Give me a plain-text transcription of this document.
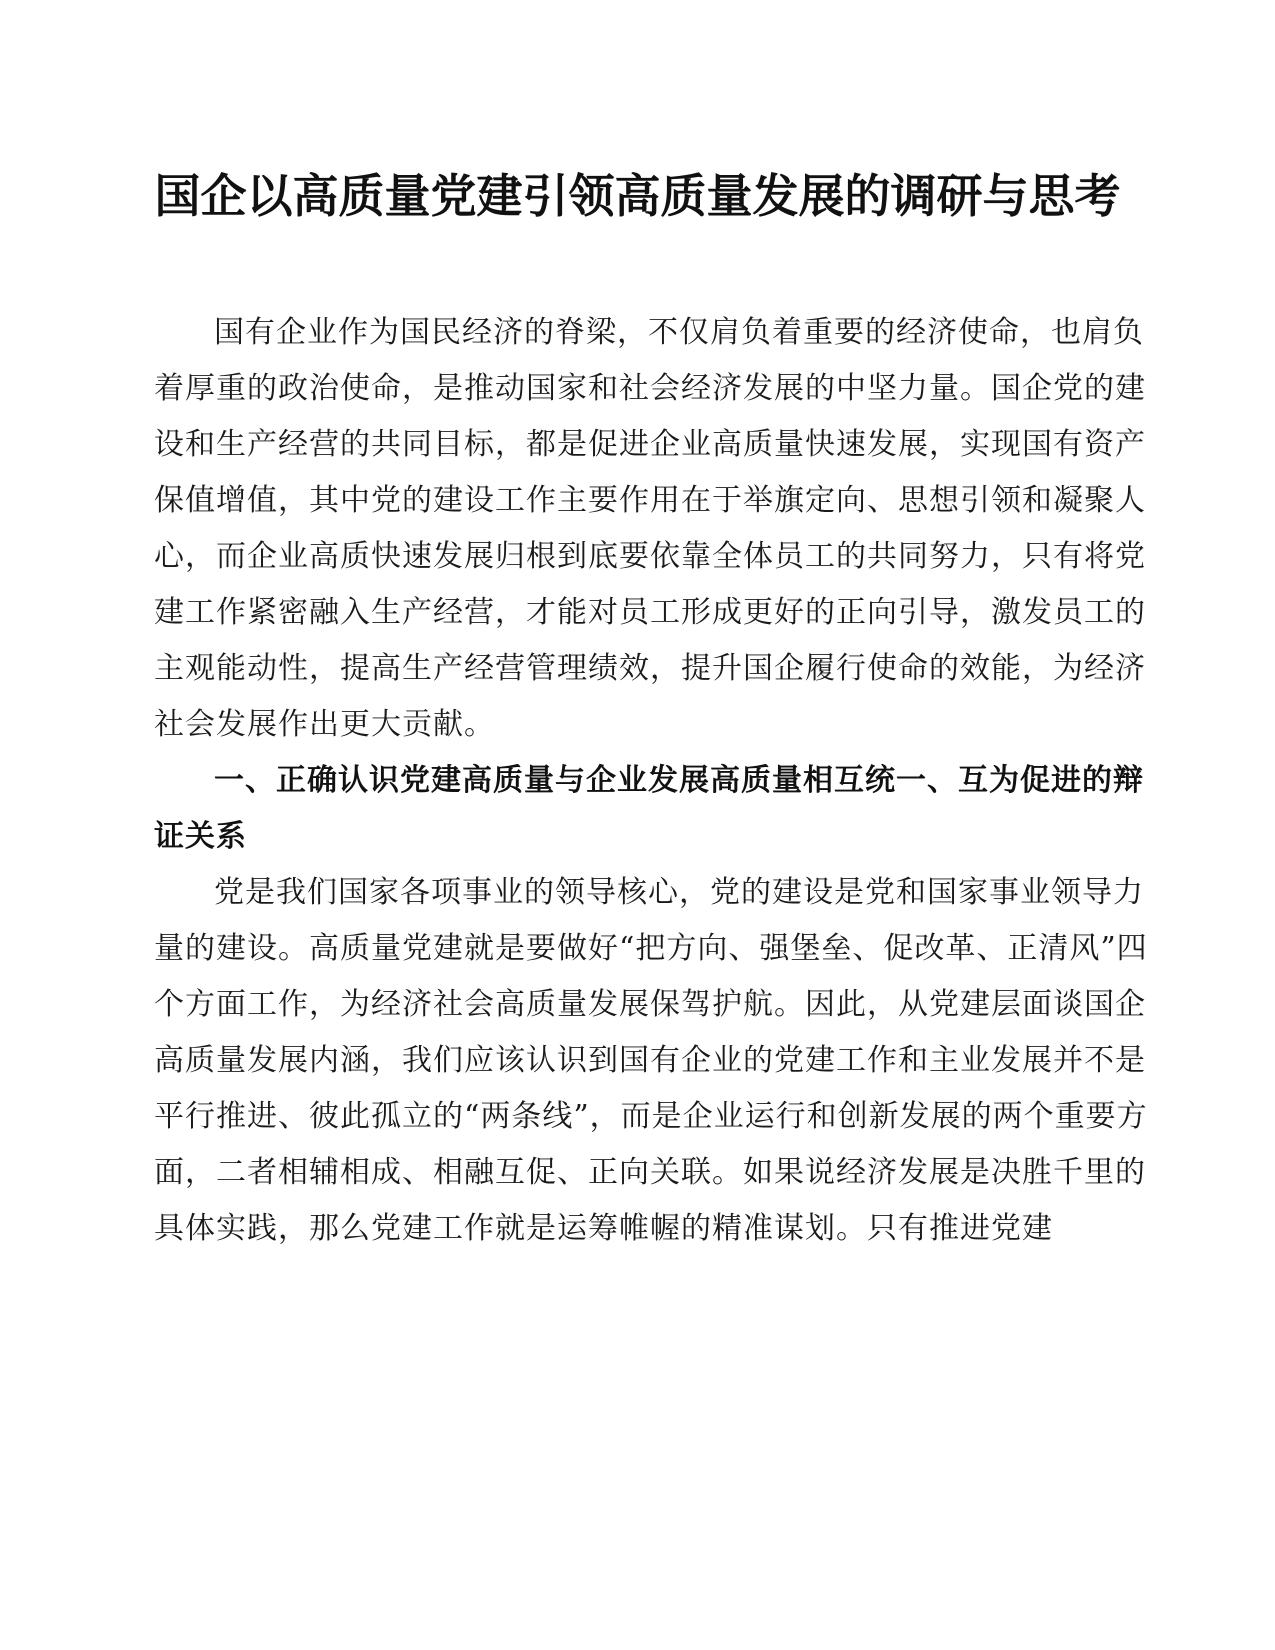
国企以高质量党建引领高质量发展的调研与思考

国有企业作为国民经济的脊梁，不仅肩负着重要的经济使命，也肩负着厚重的政治使命，是推动国家和社会经济发展的中坚力量。国企党的建设和生产经营的共同目标，都是促进企业高质量快速发展，实现国有资产保值增值，其中党的建设工作主要作用在于举旗定向、思想引领和凝聚人心，而企业高质快速发展归根到底要依靠全体员工的共同努力，只有将党建工作紧密融入生产经营，才能对员工形成更好的正向引导，激发员工的主观能动性，提高生产经营管理绩效，提升国企履行使命的效能，为经济社会发展作出更大贡献。

一、正确认识党建高质量与企业发展高质量相互统一、互为促进的辩证关系

党是我们国家各项事业的领导核心，党的建设是党和国家事业领导力量的建设。高质量党建就是要做好“把方向、强堡垒、促改革、正清风”四个方面工作，为经济社会高质量发展保驾护航。因此，从党建层面谈国企高质量发展内涵，我们应该认识到国有企业的党建工作和主业发展并不是平行推进、彼此孤立的“两条线”，而是企业运行和创新发展的两个重要方面，二者相辅相成、相融互促、正向关联。如果说经济发展是决胜千里的具体实践，那么党建工作就是运筹帷幄的精准谋划。只有推进党建
